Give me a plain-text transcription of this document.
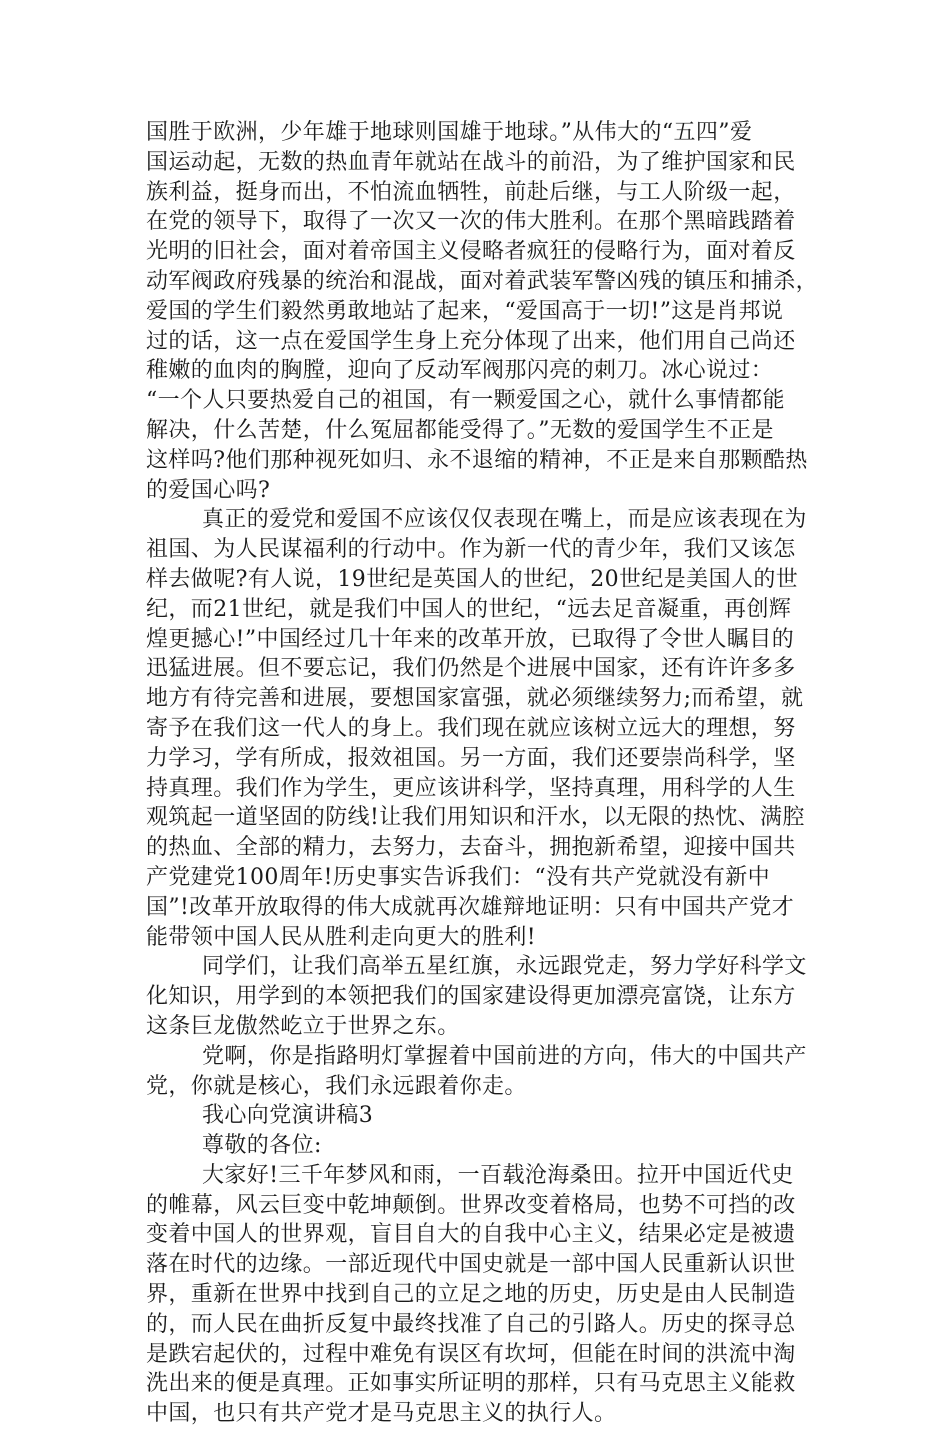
国胜于欧洲，少年雄于地球则国雄于地球。”从伟大的“五四”爱
国运动起，无数的热血青年就站在战斗的前沿，为了维护国家和民
族利益，挺身而出，不怕流血牺牲，前赴后继，与工人阶级一起，
在党的领导下，取得了一次又一次的伟大胜利。在那个黑暗践踏着
光明的旧社会，面对着帝国主义侵略者疯狂的侵略行为，面对着反
动军阀政府残暴的统治和混战，面对着武装军警凶残的镇压和捕杀，
爱国的学生们毅然勇敢地站了起来，“爱国高于一切!”这是肖邦说
过的话，这一点在爱国学生身上充分体现了出来，他们用自己尚还
稚嫩的血肉的胸膛，迎向了反动军阀那闪亮的刺刀。冰心说过：
“一个人只要热爱自己的祖国，有一颗爱国之心，就什么事情都能
解决，什么苦楚，什么冤屈都能受得了。”无数的爱国学生不正是
这样吗?他们那种视死如归、永不退缩的精神，不正是来自那颗酷热
的爱国心吗?
真正的爱党和爱国不应该仅仅表现在嘴上，而是应该表现在为
祖国、为人民谋福利的行动中。作为新一代的青少年，我们又该怎
样去做呢?有人说，19世纪是英国人的世纪，20世纪是美国人的世
纪，而21世纪，就是我们中国人的世纪，“远去足音凝重，再创辉
煌更撼心!”中国经过几十年来的改革开放，已取得了令世人瞩目的
迅猛进展。但不要忘记，我们仍然是个进展中国家，还有许许多多
地方有待完善和进展，要想国家富强，就必须继续努力;而希望，就
寄予在我们这一代人的身上。我们现在就应该树立远大的理想，努
力学习，学有所成，报效祖国。另一方面，我们还要崇尚科学，坚
持真理。我们作为学生，更应该讲科学，坚持真理，用科学的人生
观筑起一道坚固的防线!让我们用知识和汗水，以无限的热忱、满腔
的热血、全部的精力，去努力，去奋斗，拥抱新希望，迎接中国共
产党建党100周年!历史事实告诉我们：“没有共产党就没有新中
国”!改革开放取得的伟大成就再次雄辩地证明：只有中国共产党才
能带领中国人民从胜利走向更大的胜利!
同学们，让我们高举五星红旗，永远跟党走，努力学好科学文
化知识，用学到的本领把我们的国家建设得更加漂亮富饶，让东方
这条巨龙傲然屹立于世界之东。
党啊，你是指路明灯掌握着中国前进的方向，伟大的中国共产
党，你就是核心，我们永远跟着你走。
我心向党演讲稿3
尊敬的各位:
大家好!三千年梦风和雨，一百载沧海桑田。拉开中国近代史
的帷幕，风云巨变中乾坤颠倒。世界改变着格局，也势不可挡的改
变着中国人的世界观，盲目自大的自我中心主义，结果必定是被遗
落在时代的边缘。一部近现代中国史就是一部中国人民重新认识世
界，重新在世界中找到自己的立足之地的历史，历史是由人民制造
的，而人民在曲折反复中最终找准了自己的引路人。历史的探寻总
是跌宕起伏的，过程中难免有误区有坎坷，但能在时间的洪流中淘
洗出来的便是真理。正如事实所证明的那样，只有马克思主义能救
中国，也只有共产党才是马克思主义的执行人。
